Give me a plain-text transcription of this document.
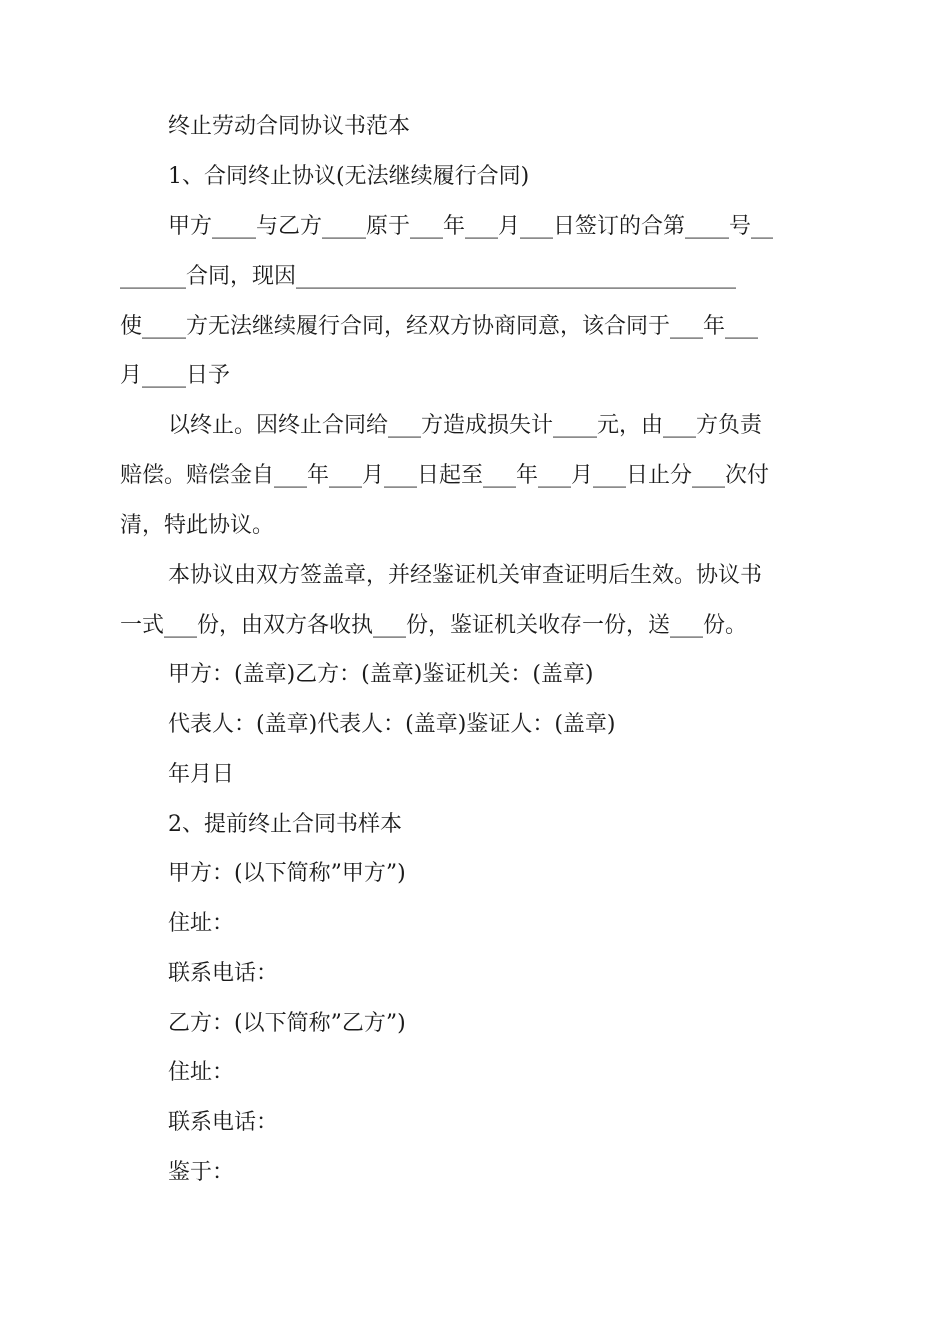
终止劳动合同协议书范本
1、合同终止协议(无法继续履行合同)
甲方____与乙方____原于___年___月___日签订的合第____号__
______合同，现因________________________________________
使____方无法继续履行合同，经双方协商同意，该合同于___年___
月____日予
以终止。因终止合同给___方造成损失计____元，由___方负责
赔偿。赔偿金自___年___月___日起至___年___月___日止分___次付
清，特此协议。
本协议由双方签盖章，并经鉴证机关审查证明后生效。协议书
一式___份，由双方各收执___份，鉴证机关收存一份，送___份。
甲方：(盖章)乙方：(盖章)鉴证机关：(盖章)
代表人：(盖章)代表人：(盖章)鉴证人：(盖章)
年月日
2、提前终止合同书样本
甲方：(以下简称”甲方”)
住址：
联系电话：
乙方：(以下简称”乙方”)
住址：
联系电话：
鉴于：
